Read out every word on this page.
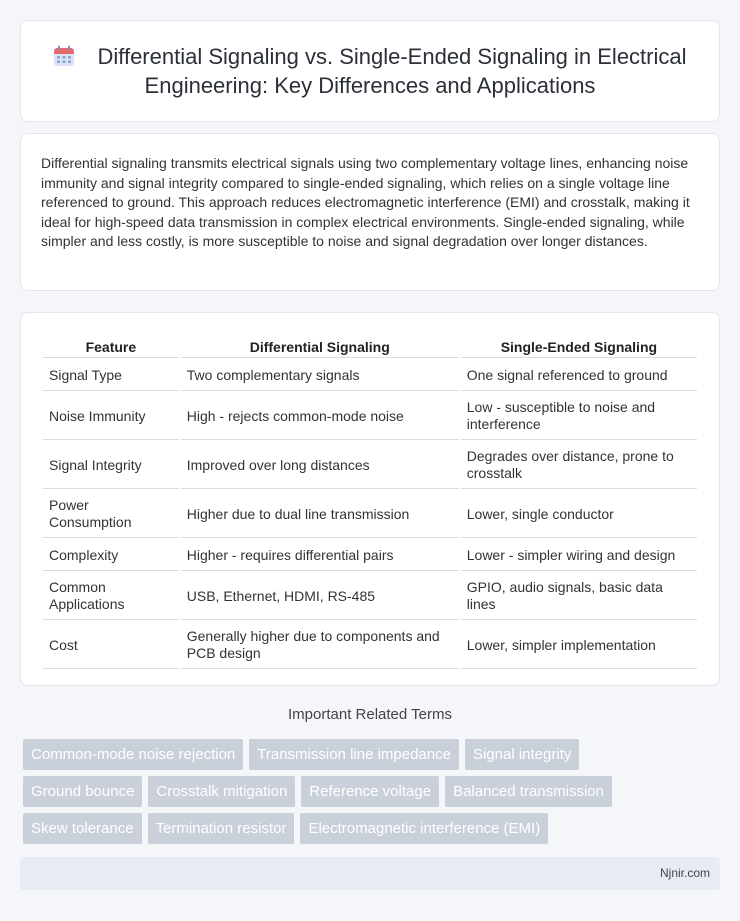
Differential Signaling vs. Single-Ended Signaling in Electrical Engineering: Key Differences and Applications

Differential signaling transmits electrical signals using two complementary voltage lines, enhancing noise immunity and signal integrity compared to single-ended signaling, which relies on a single voltage line referenced to ground. This approach reduces electromagnetic interference (EMI) and crosstalk, making it ideal for high-speed data transmission in complex electrical environments. Single-ended signaling, while simpler and less costly, is more susceptible to noise and signal degradation over longer distances.

Feature	Differential Signaling	Single-Ended Signaling
Signal Type	Two complementary signals	One signal referenced to ground
Noise Immunity	High - rejects common-mode noise	Low - susceptible to noise and interference
Signal Integrity	Improved over long distances	Degrades over distance, prone to crosstalk
Power Consumption	Higher due to dual line transmission	Lower, single conductor
Complexity	Higher - requires differential pairs	Lower - simpler wiring and design
Common Applications	USB, Ethernet, HDMI, RS-485	GPIO, audio signals, basic data lines
Cost	Generally higher due to components and PCB design	Lower, simpler implementation
Important Related Terms
Common-mode noise rejection	Transmission line impedance	Signal integrity
Ground bounce	Crosstalk mitigation	Reference voltage	Balanced transmission
Skew tolerance	Termination resistor	Electromagnetic interference (EMI)
Njnir.com
